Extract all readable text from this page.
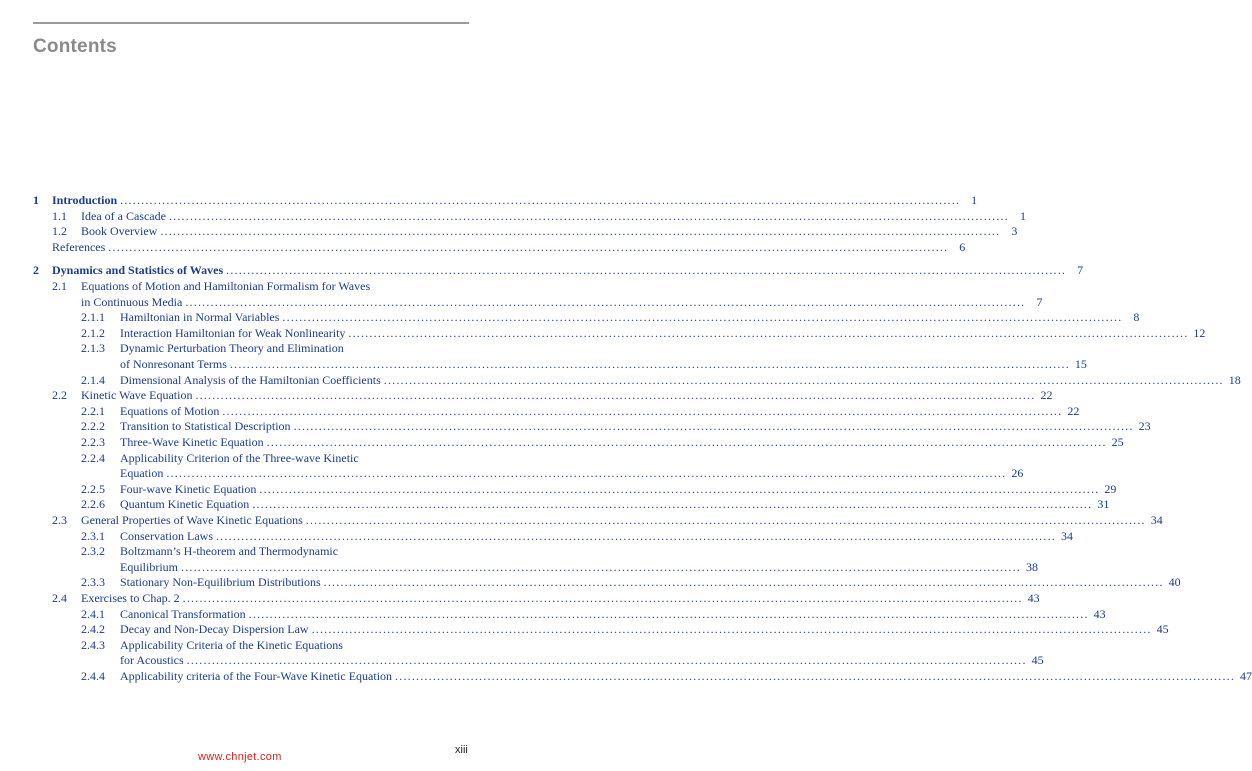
Contents
1 Introduction ........................................................................................................................................................................................................ 1
1.1 Idea of a Cascade ........................................................................................................................................................................................................ 1
1.2 Book Overview ........................................................................................................................................................................................................ 3
References ........................................................................................................................................................................................................ 6
2 Dynamics and Statistics of Waves ........................................................................................................................................................................................................ 7
2.1 Equations of Motion and Hamiltonian Formalism for Waves
in Continuous Media ........................................................................................................................................................................................................ 7
2.1.1 Hamiltonian in Normal Variables ........................................................................................................................................................................................................ 8
2.1.2 Interaction Hamiltonian for Weak Nonlinearity ........................................................................................................................................................................................................ 12
2.1.3 Dynamic Perturbation Theory and Elimination
of Nonresonant Terms ........................................................................................................................................................................................................ 15
2.1.4 Dimensional Analysis of the Hamiltonian Coefficients ........................................................................................................................................................................................................ 18
2.2 Kinetic Wave Equation ........................................................................................................................................................................................................ 22
2.2.1 Equations of Motion ........................................................................................................................................................................................................ 22
2.2.2 Transition to Statistical Description ........................................................................................................................................................................................................ 23
2.2.3 Three-Wave Kinetic Equation ........................................................................................................................................................................................................ 25
2.2.4 Applicability Criterion of the Three-wave Kinetic
Equation ........................................................................................................................................................................................................ 26
2.2.5 Four-wave Kinetic Equation ........................................................................................................................................................................................................ 29
2.2.6 Quantum Kinetic Equation ........................................................................................................................................................................................................ 31
2.3 General Properties of Wave Kinetic Equations ........................................................................................................................................................................................................ 34
2.3.1 Conservation Laws ........................................................................................................................................................................................................ 34
2.3.2 Boltzmann’s H-theorem and Thermodynamic
Equilibrium ........................................................................................................................................................................................................ 38
2.3.3 Stationary Non-Equilibrium Distributions ........................................................................................................................................................................................................ 40
2.4 Exercises to Chap. 2 ........................................................................................................................................................................................................ 43
2.4.1 Canonical Transformation ........................................................................................................................................................................................................ 43
2.4.2 Decay and Non-Decay Dispersion Law ........................................................................................................................................................................................................ 45
2.4.3 Applicability Criteria of the Kinetic Equations
for Acoustics ........................................................................................................................................................................................................ 45
2.4.4 Applicability criteria of the Four-Wave Kinetic Equation ........................................................................................................................................................................................................ 47
xiii
www.chnjet.com
